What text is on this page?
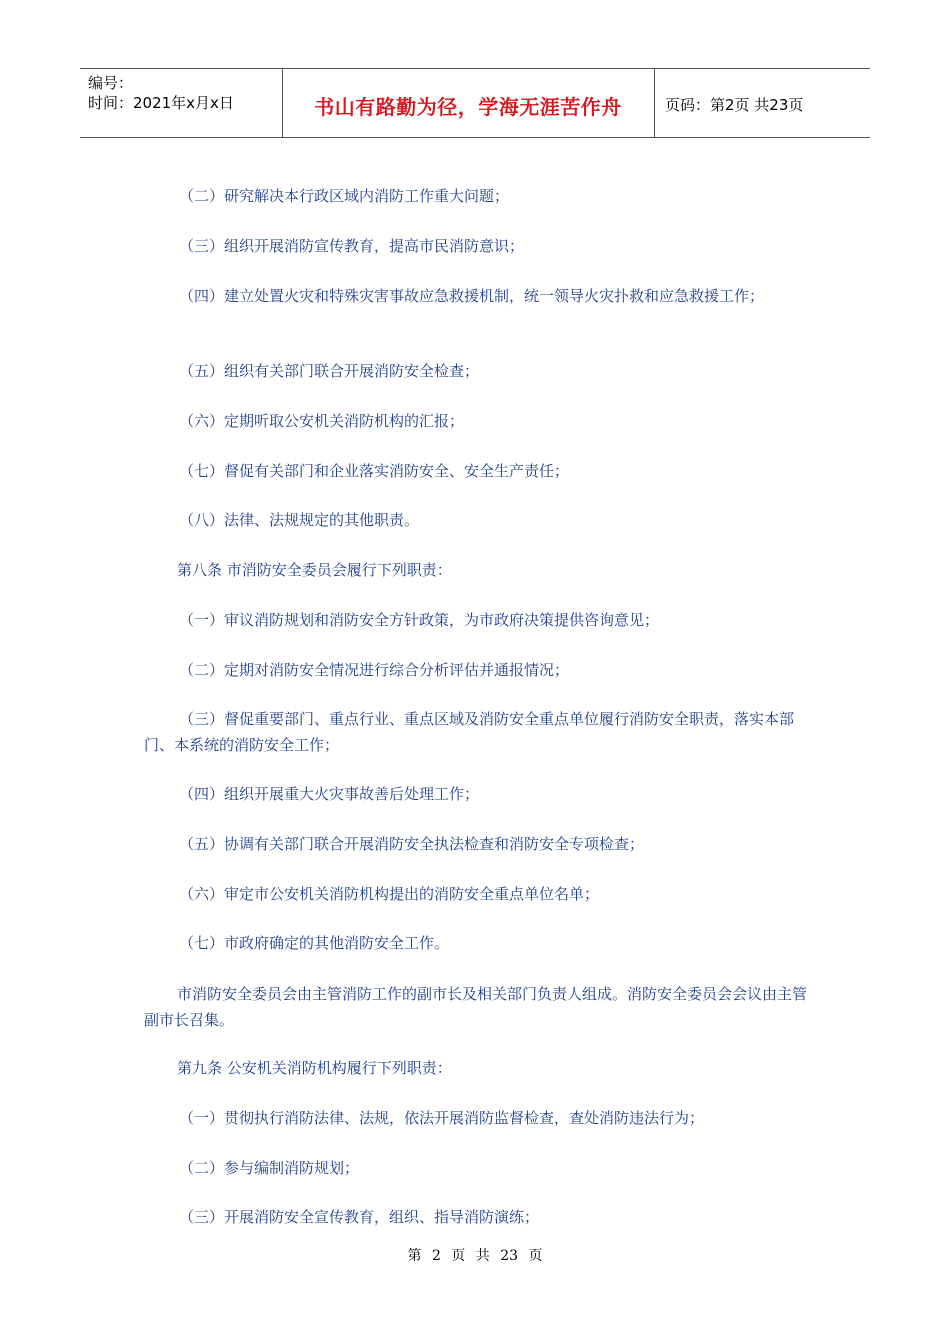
编号：
时间：2021年x月x日	书山有路勤为径，学海无涯苦作舟	页码：第2页 共23页
（二）研究解决本行政区域内消防工作重大问题；
（三）组织开展消防宣传教育，提高市民消防意识；
（四）建立处置火灾和特殊灾害事故应急救援机制，统一领导火灾扑救和应急救援工作；
（五）组织有关部门联合开展消防安全检查；
（六）定期听取公安机关消防机构的汇报；
（七）督促有关部门和企业落实消防安全、安全生产责任；
（八）法律、法规规定的其他职责。
第八条 市消防安全委员会履行下列职责：
（一）审议消防规划和消防安全方针政策，为市政府决策提供咨询意见；
（二）定期对消防安全情况进行综合分析评估并通报情况；
（三）督促重要部门、重点行业、重点区域及消防安全重点单位履行消防安全职责，落实本部门、本系统的消防安全工作；
（四）组织开展重大火灾事故善后处理工作；
（五）协调有关部门联合开展消防安全执法检查和消防安全专项检查；
（六）审定市公安机关消防机构提出的消防安全重点单位名单；
（七）市政府确定的其他消防安全工作。
市消防安全委员会由主管消防工作的副市长及相关部门负责人组成。消防安全委员会会议由主管副市长召集。
第九条 公安机关消防机构履行下列职责：
（一）贯彻执行消防法律、法规，依法开展消防监督检查，查处消防违法行为；
（二）参与编制消防规划；
（三）开展消防安全宣传教育，组织、指导消防演练；
第 2 页 共 23 页
